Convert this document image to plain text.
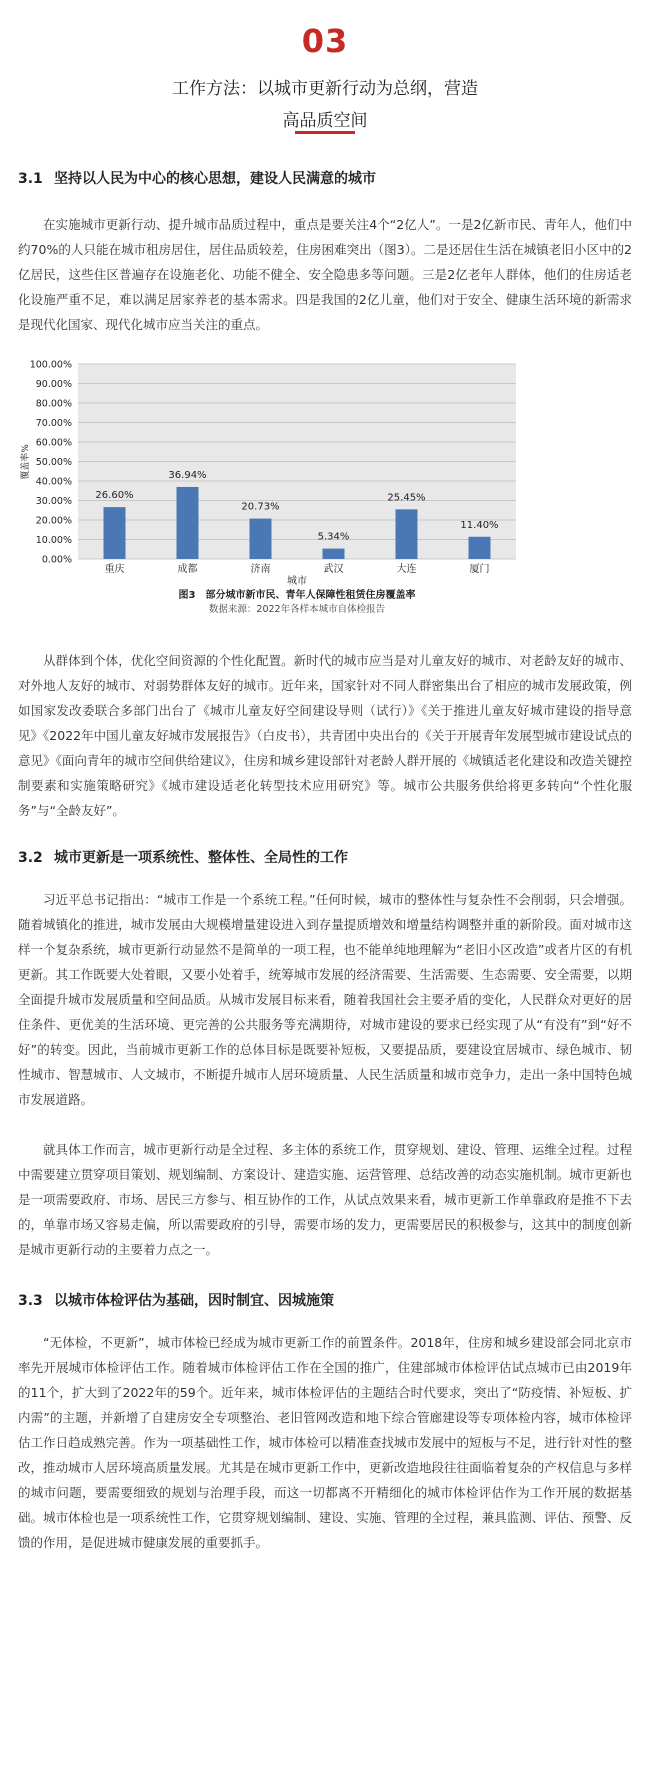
03
工作方法：以城市更新行动为总纲，营造
高品质空间
3.1 坚持以人民为中心的核心思想，建设人民满意的城市

在实施城市更新行动、提升城市品质过程中，重点是要关注4个“2亿人”。一是2亿新市民、青年人，他们中约70%的人只能在城市租房居住，居住品质较差，住房困难突出（图3）。二是还居住生活在城镇老旧小区中的2亿居民，这些住区普遍存在设施老化、功能不健全、安全隐患多等问题。三是2亿老年人群体，他们的住房适老化设施严重不足，难以满足居家养老的基本需求。四是我国的2亿儿童，他们对于安全、健康生活环境的新需求是现代化国家、现代化城市应当关注的重点。

0.00%
10.00%
20.00%
30.00%
40.00%
50.00%
60.00%
70.00%
80.00%
90.00%
100.00%
26.60%
36.94%
20.73%
5.34%
25.45%
11.40%
重庆	成都	济南	武汉	大连	厦门
覆盖率%
城市
图3　部分城市新市民、青年人保障性租赁住房覆盖率
数据来源：2022年各样本城市自体检报告

从群体到个体，优化空间资源的个性化配置。新时代的城市应当是对儿童友好的城市、对老龄友好的城市、对外地人友好的城市、对弱势群体友好的城市。近年来，国家针对不同人群密集出台了相应的城市发展政策，例如国家发改委联合多部门出台了《城市儿童友好空间建设导则（试行）》《关于推进儿童友好城市建设的指导意见》《2022年中国儿童友好城市发展报告》（白皮书），共青团中央出台的《关于开展青年发展型城市建设试点的意见》《面向青年的城市空间供给建议》，住房和城乡建设部针对老龄人群开展的《城镇适老化建设和改造关键控制要素和实施策略研究》《城市建设适老化转型技术应用研究》等。城市公共服务供给将更多转向“个性化服务”与“全龄友好”。

3.2 城市更新是一项系统性、整体性、全局性的工作

习近平总书记指出：“城市工作是一个系统工程。”任何时候，城市的整体性与复杂性不会削弱，只会增强。随着城镇化的推进，城市发展由大规模增量建设进入到存量提质增效和增量结构调整并重的新阶段。面对城市这样一个复杂系统，城市更新行动显然不是简单的一项工程，也不能单纯地理解为“老旧小区改造”或者片区的有机更新。其工作既要大处着眼，又要小处着手，统筹城市发展的经济需要、生活需要、生态需要、安全需要，以期全面提升城市发展质量和空间品质。从城市发展目标来看，随着我国社会主要矛盾的变化，人民群众对更好的居住条件、更优美的生活环境、更完善的公共服务等充满期待，对城市建设的要求已经实现了从“有没有”到“好不好”的转变。因此，当前城市更新工作的总体目标是既要补短板，又要提品质，要建设宜居城市、绿色城市、韧性城市、智慧城市、人文城市，不断提升城市人居环境质量、人民生活质量和城市竞争力，走出一条中国特色城市发展道路。

就具体工作而言，城市更新行动是全过程、多主体的系统工作，贯穿规划、建设、管理、运维全过程。过程中需要建立贯穿项目策划、规划编制、方案设计、建造实施、运营管理、总结改善的动态实施机制。城市更新也是一项需要政府、市场、居民三方参与、相互协作的工作，从试点效果来看，城市更新工作单靠政府是推不下去的，单靠市场又容易走偏，所以需要政府的引导，需要市场的发力，更需要居民的积极参与，这其中的制度创新是城市更新行动的主要着力点之一。

3.3 以城市体检评估为基础，因时制宜、因城施策

“无体检，不更新”，城市体检已经成为城市更新工作的前置条件。2018年，住房和城乡建设部会同北京市率先开展城市体检评估工作。随着城市体检评估工作在全国的推广，住建部城市体检评估试点城市已由2019年的11个，扩大到了2022年的59个。近年来，城市体检评估的主题结合时代要求，突出了“防疫情、补短板、扩内需”的主题，并新增了自建房安全专项整治、老旧管网改造和地下综合管廊建设等专项体检内容，城市体检评估工作日趋成熟完善。作为一项基础性工作，城市体检可以精准查找城市发展中的短板与不足，进行针对性的整改，推动城市人居环境高质量发展。尤其是在城市更新工作中，更新改造地段往往面临着复杂的产权信息与多样的城市问题，要需要细致的规划与治理手段，而这一切都离不开精细化的城市体检评估作为工作开展的数据基础。城市体检也是一项系统性工作，它贯穿规划编制、建设、实施、管理的全过程，兼具监测、评估、预警、反馈的作用，是促进城市健康发展的重要抓手。
